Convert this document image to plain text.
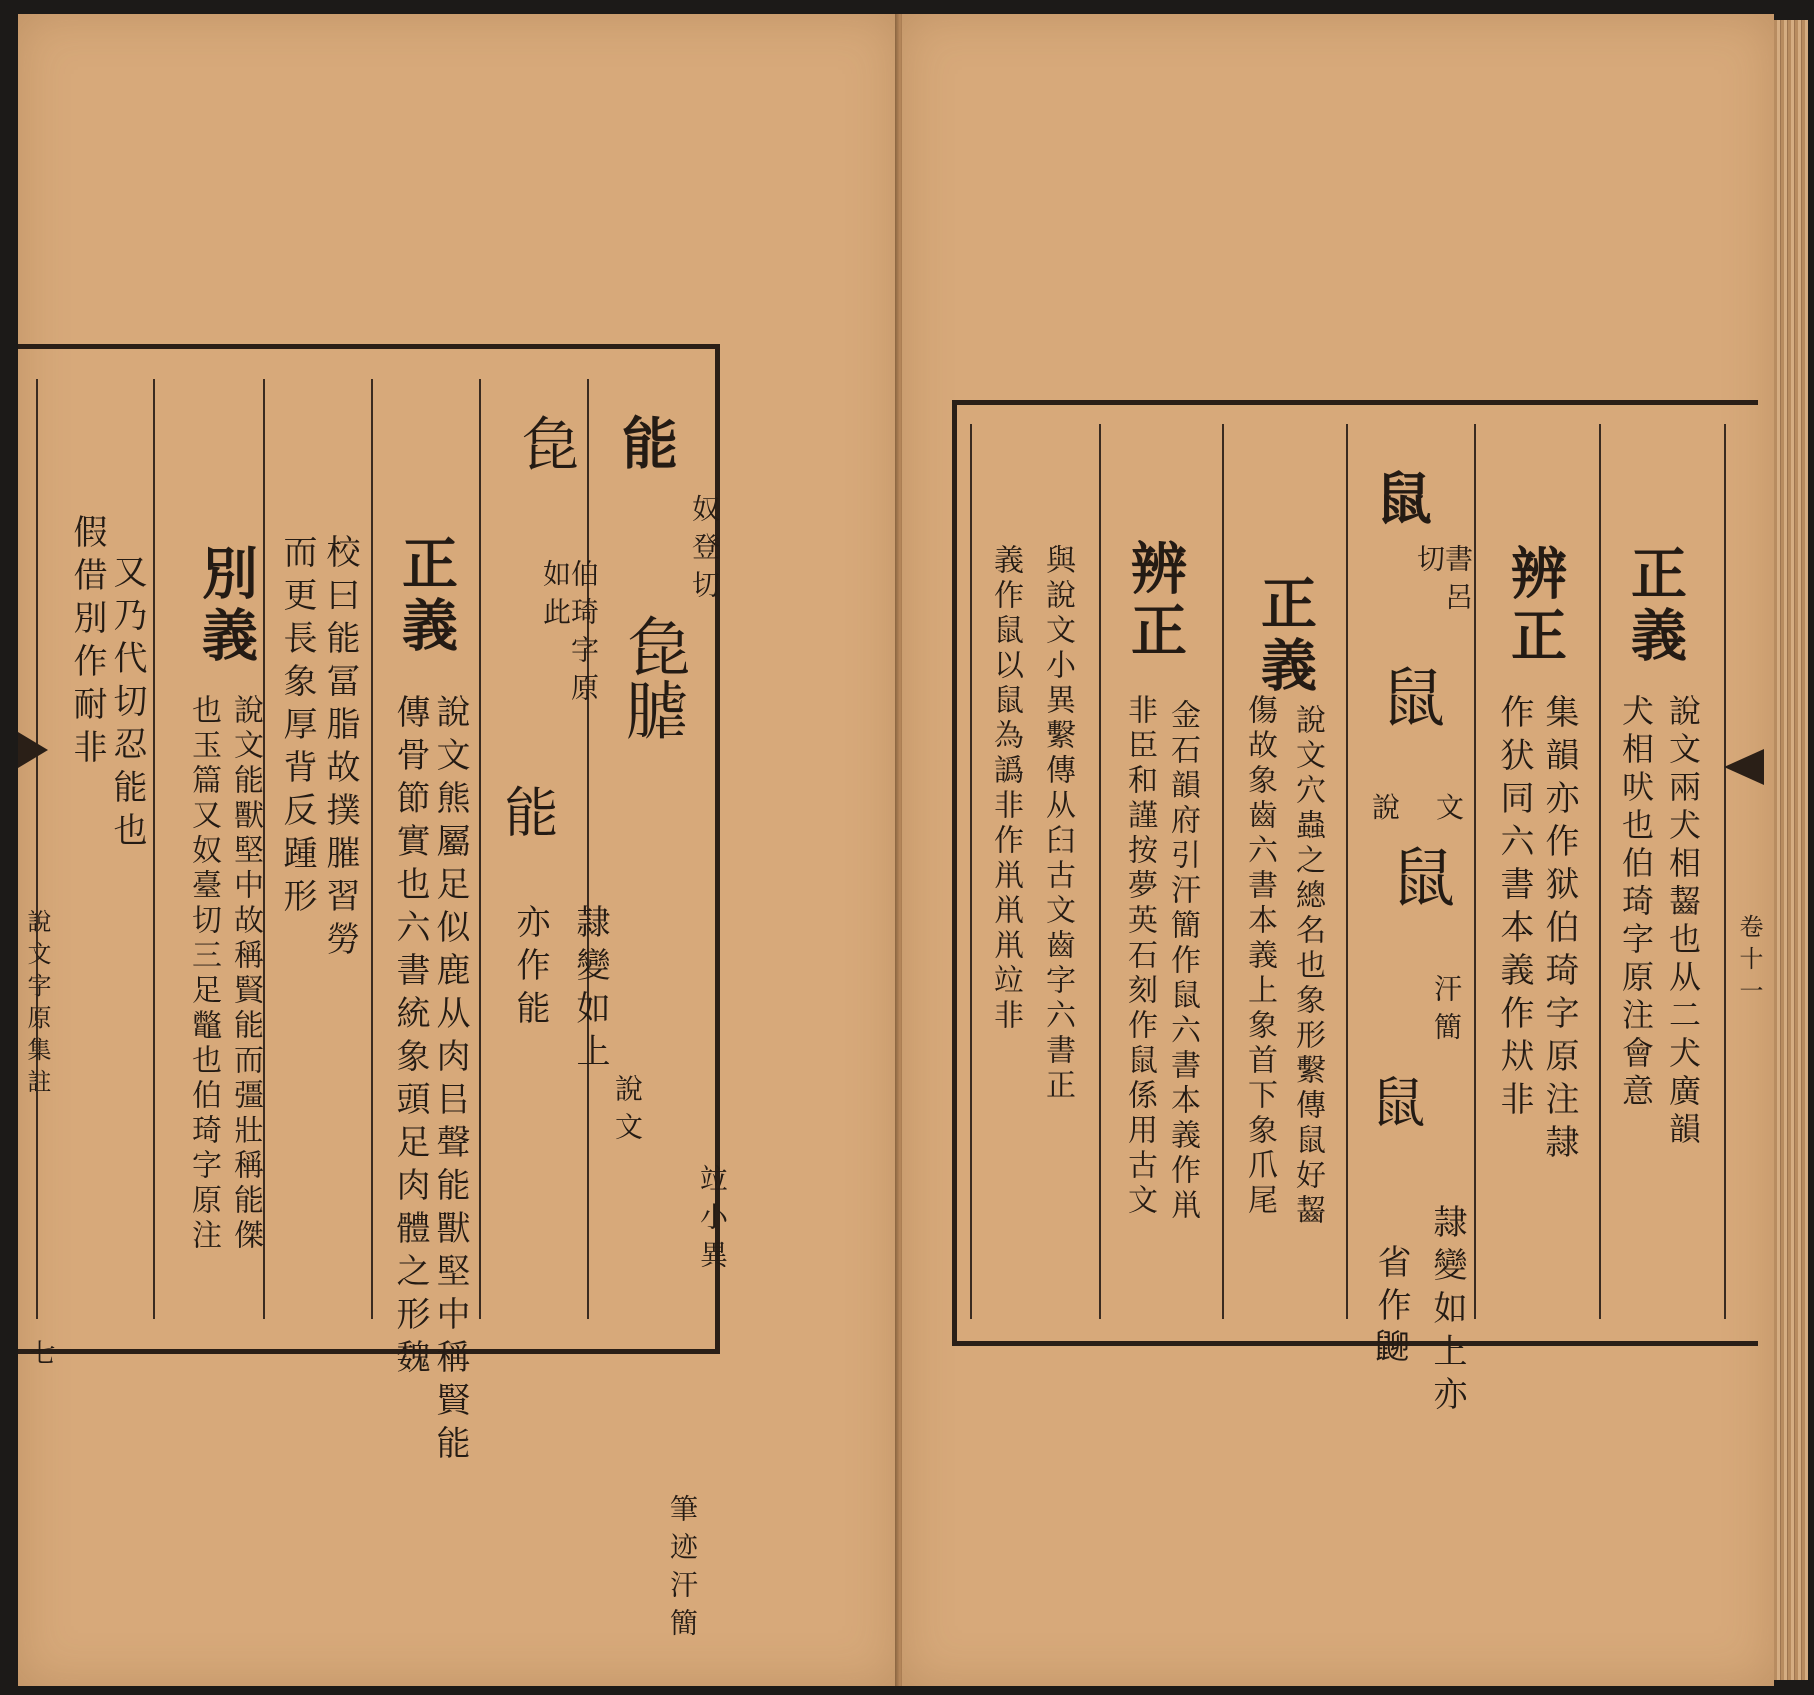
說文字原集註
七
能
奴登切
㲋𦞐
竝小異
筆迹汗簡
㲋
伯琦字原如此
能
隷變如上
亦作能
說文
正義
說文熊屬足似鹿从肉㠯聲能獸堅中稱賢能
傳骨節實也六書統象頭足肉體之形魏
校曰能冨脂故撲膗習勞
而更長象厚背反踵形
別義
說文能獸堅中故稱賢能而彊壯稱能傑
也玉篇又奴臺切三足鼈也伯琦字原注
又乃代切忍能也
假借別作耐非
卷十一
正義
說文兩犬相齧也从二犬廣韻
犬相吠也伯琦字原注會意
辨正
集韻亦作狱伯琦字原注隷
作犾同六書本義作㹜非
鼠
書呂切
鼠
說文
鼠
汗簡
鼠
隷變如上亦
省作𪕋
正義
說文穴蟲之總名也象形繫傳鼠好齧
傷故象齒六書本義上象首下象爪尾
辨正
金石韻府引汗簡作鼠六書本義作鼡
非臣和謹按夢英石刻作鼠係用古文
與說文小異繫傳从𦥑古文齒字六書正
義作鼠以鼠為譌非作鼡鼡鼡竝非
